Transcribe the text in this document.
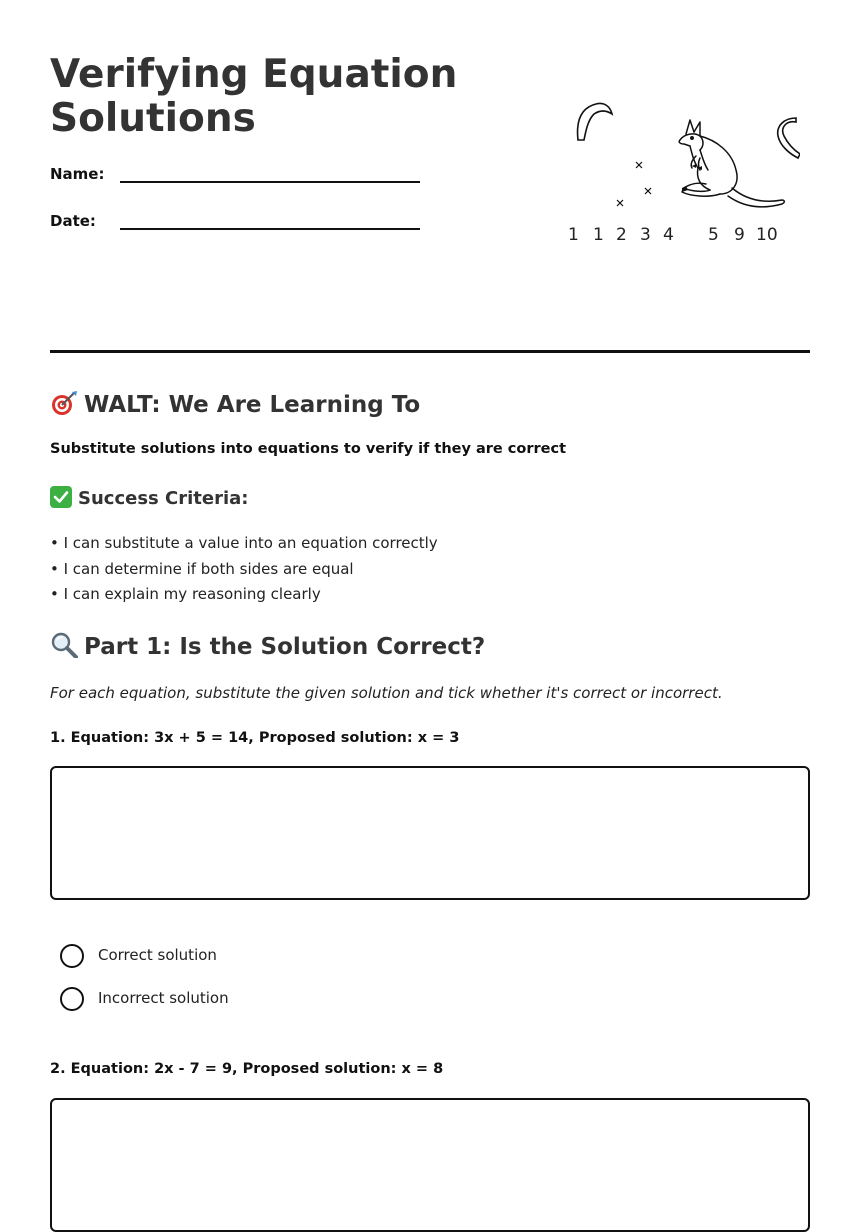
Verifying Equation
Solutions
Name:
Date:
1 1 2 3 4 5 9 10
WALT: We Are Learning To
Substitute solutions into equations to verify if they are correct
Success Criteria:
• I can substitute a value into an equation correctly
• I can determine if both sides are equal
• I can explain my reasoning clearly
Part 1: Is the Solution Correct?
For each equation, substitute the given solution and tick whether it's correct or incorrect.
1. Equation: 3x + 5 = 14, Proposed solution: x = 3
Correct solution
Incorrect solution
2. Equation: 2x - 7 = 9, Proposed solution: x = 8
